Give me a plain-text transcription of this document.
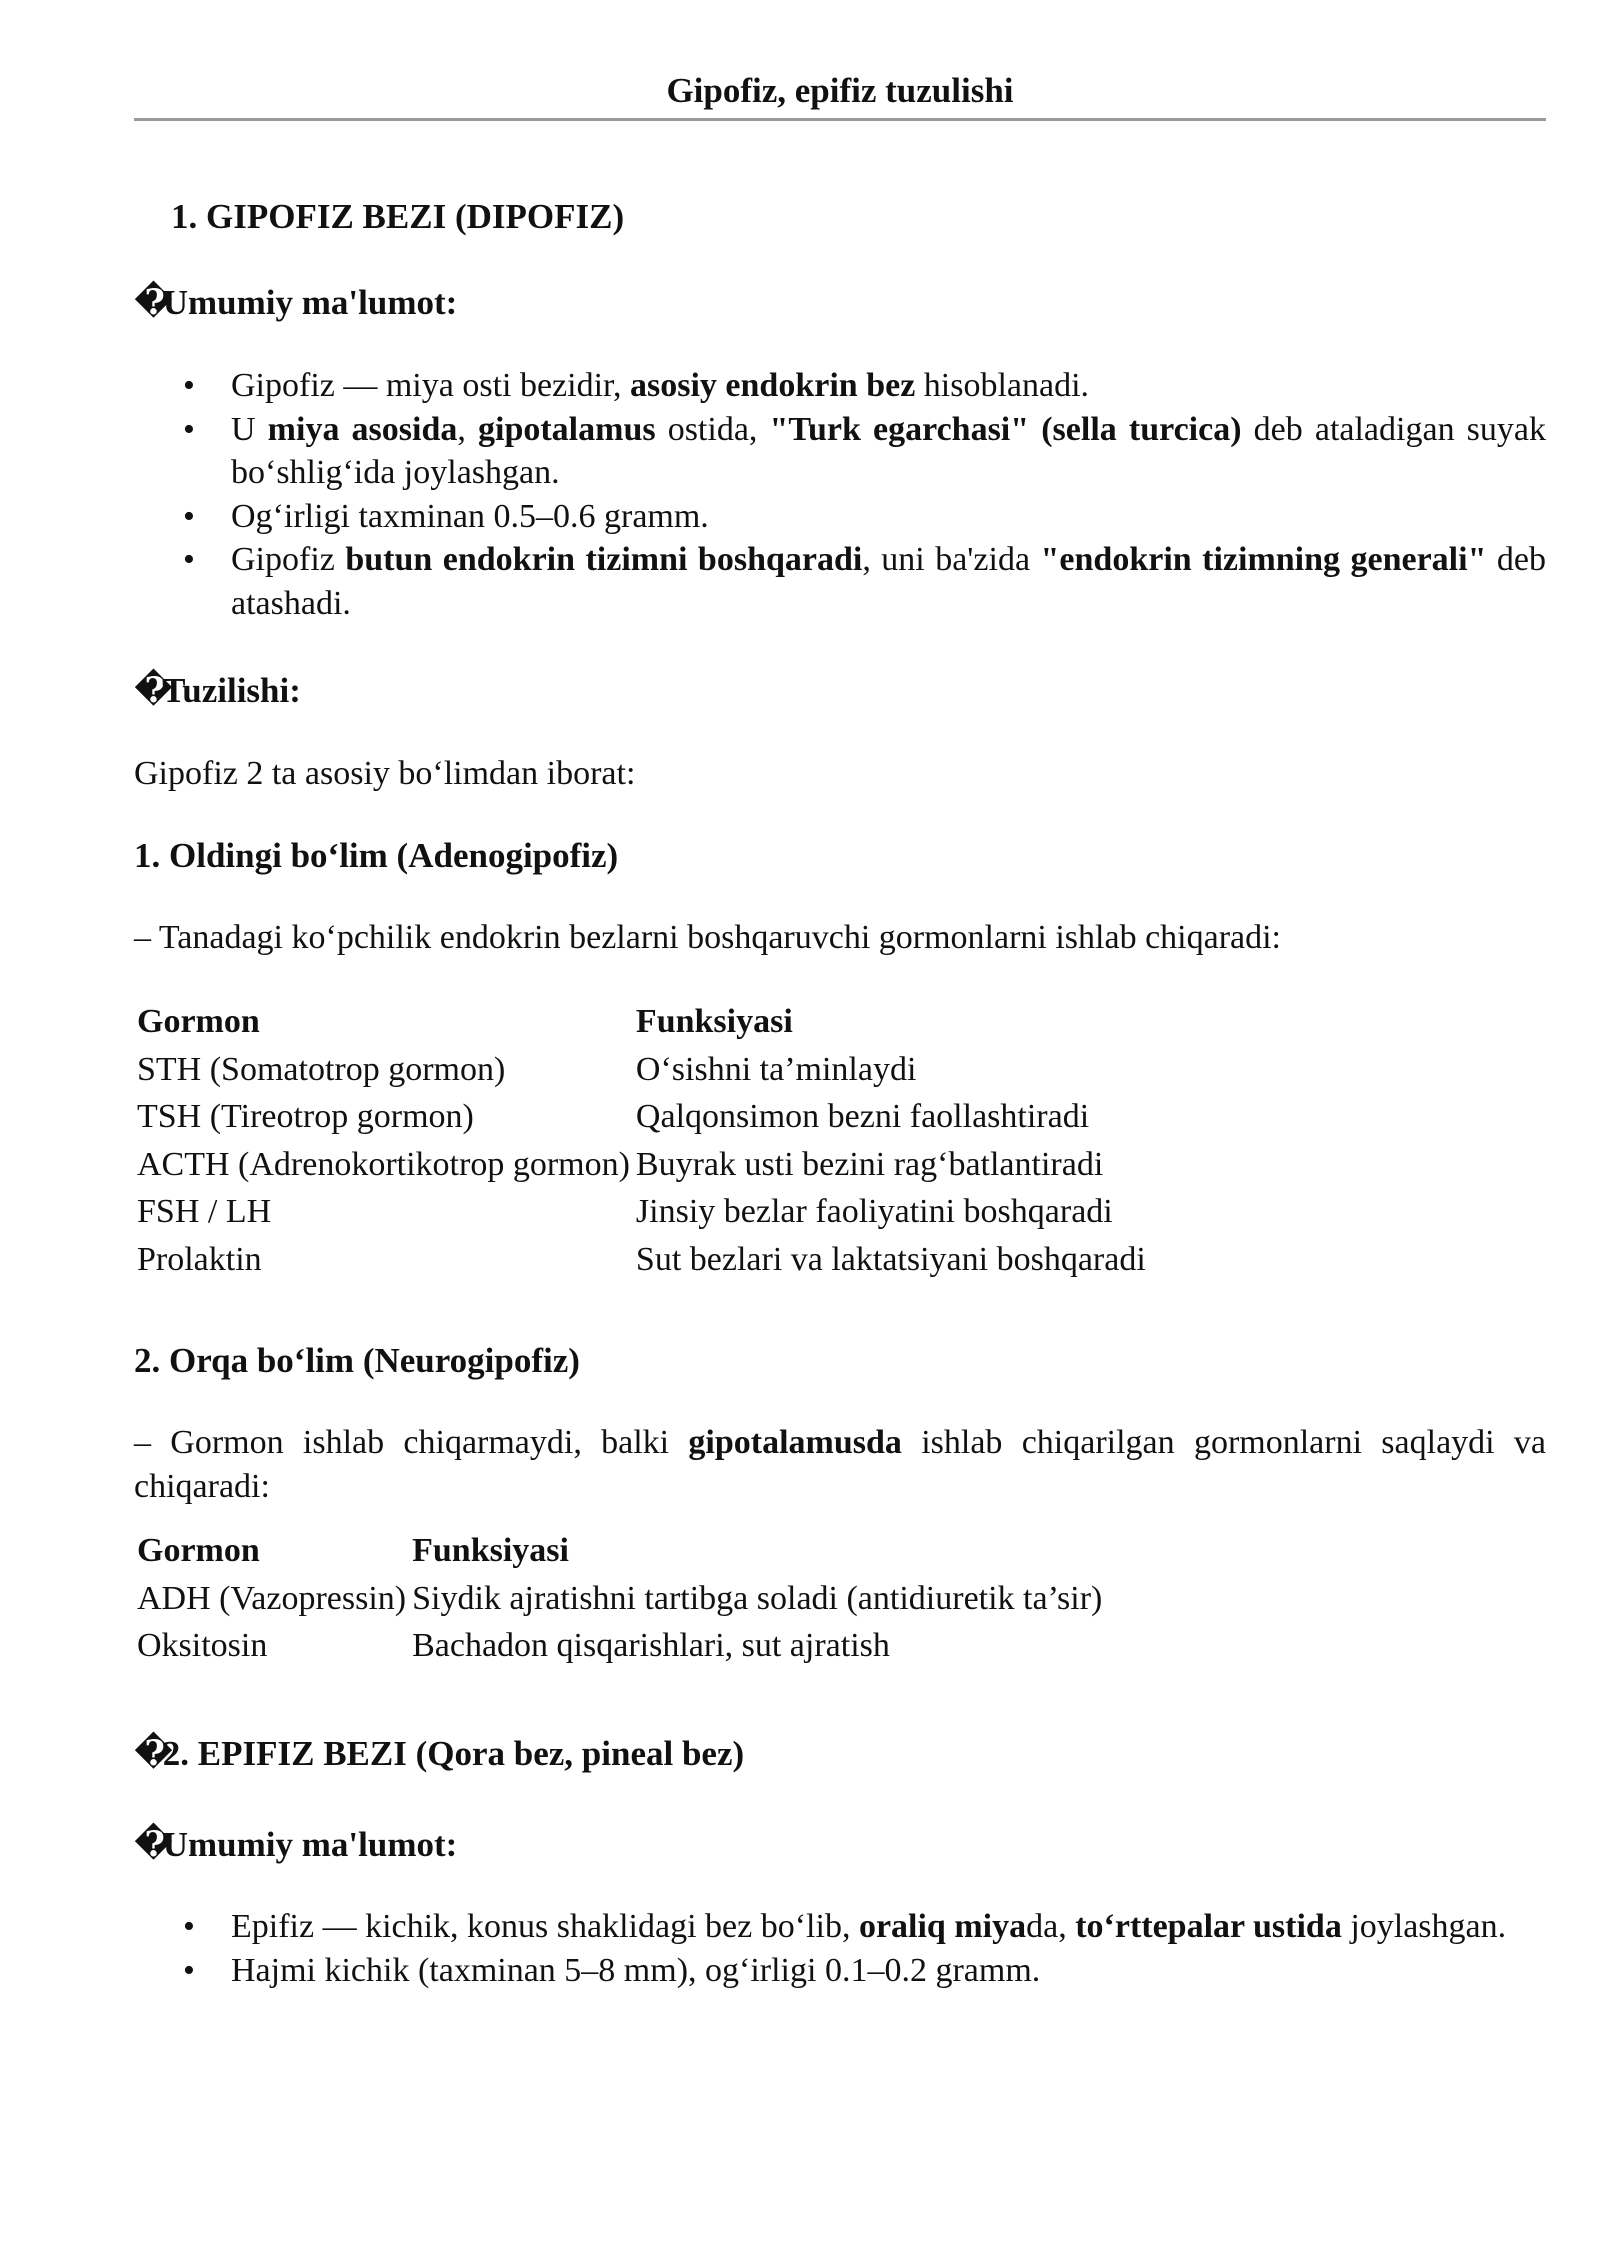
Gipofiz, epifiz tuzulishi
1. GIPOFIZ BEZI (DIPOFIZ)
� Umumiy ma'lumot:
• Gipofiz — miya osti bezidir, asosiy endokrin bez hisoblanadi.
• U miya asosida, gipotalamus ostida, "Turk egarchasi" (sella turcica) deb ataladigan suyak bo‘shlig‘ida joylashgan.
• Og‘irligi taxminan 0.5–0.6 gramm.
• Gipofiz butun endokrin tizimni boshqaradi, uni ba'zida "endokrin tizimning generali" deb atashadi.
� Tuzilishi:
Gipofiz 2 ta asosiy bo‘limdan iborat:
1. Oldingi bo‘lim (Adenogipofiz)
– Tanadagi ko‘pchilik endokrin bezlarni boshqaruvchi gormonlarni ishlab chiqaradi:
Gormon	Funksiyasi
STH (Somatotrop gormon)	O‘sishni ta’minlaydi
TSH (Tireotrop gormon)	Qalqonsimon bezni faollashtiradi
ACTH (Adrenokortikotrop gormon)	Buyrak usti bezini rag‘batlantiradi
FSH / LH	Jinsiy bezlar faoliyatini boshqaradi
Prolaktin	Sut bezlari va laktatsiyani boshqaradi
2. Orqa bo‘lim (Neurogipofiz)
– Gormon ishlab chiqarmaydi, balki gipotalamusda ishlab chiqarilgan gormonlarni saqlaydi va chiqaradi:
Gormon	Funksiyasi
ADH (Vazopressin)	Siydik ajratishni tartibga soladi (antidiuretik ta’sir)
Oksitosin	Bachadon qisqarishlari, sut ajratish
� 2. EPIFIZ BEZI (Qora bez, pineal bez)
� Umumiy ma'lumot:
• Epifiz — kichik, konus shaklidagi bez bo‘lib, oraliq miyada, to‘rttepalar ustida joylashgan.
• Hajmi kichik (taxminan 5–8 mm), og‘irligi 0.1–0.2 gramm.
